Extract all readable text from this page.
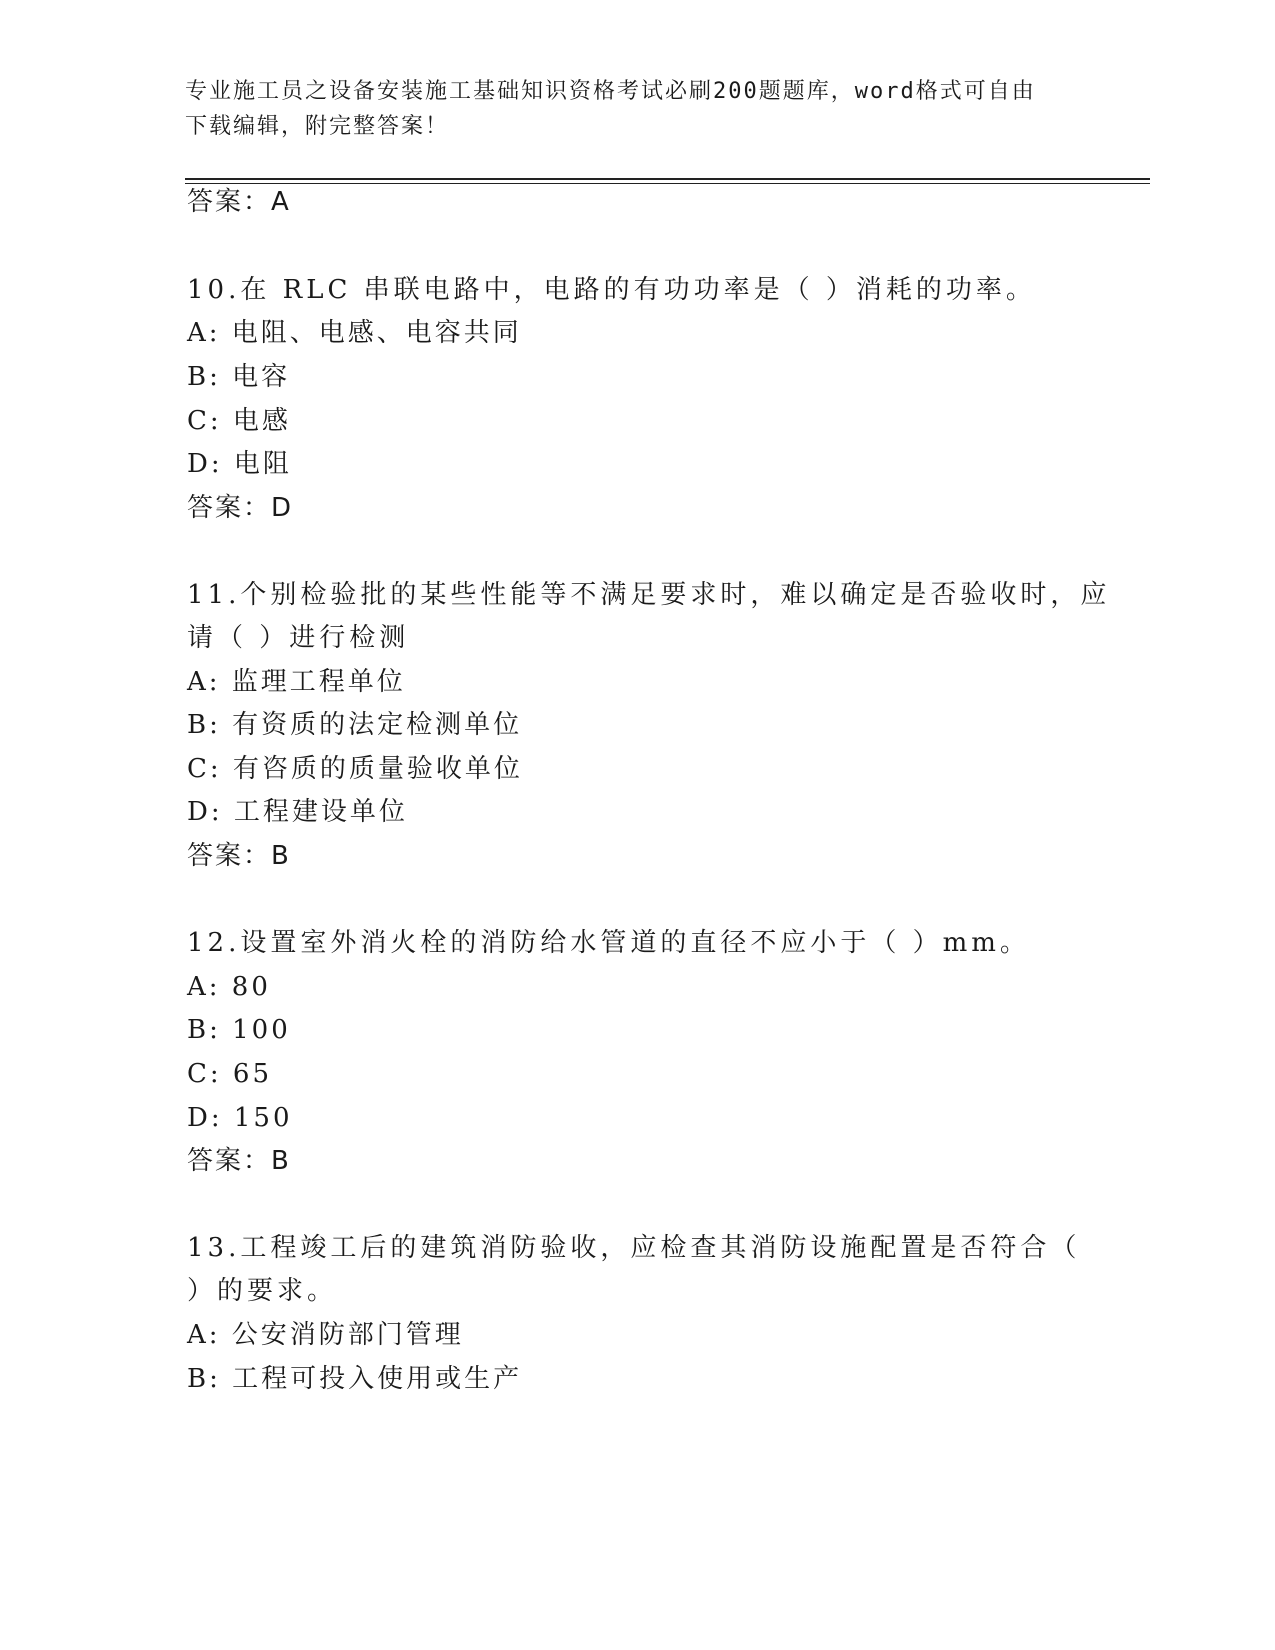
专业施工员之设备安装施工基础知识资格考试必刷200题题库，word格式可自由
下载编辑，附完整答案！

答案：A

10.在 RLC 串联电路中，电路的有功功率是（ ）消耗的功率。

A: 电阻、电感、电容共同

B: 电容

C: 电感

D: 电阻

答案：D

11.个别检验批的某些性能等不满足要求时，难以确定是否验收时，应

请（ ）进行检测

A: 监理工程单位

B: 有资质的法定检测单位

C: 有咨质的质量验收单位

D: 工程建设单位

答案：B

12.设置室外消火栓的消防给水管道的直径不应小于（ ）mm。

A: 80

B: 100

C: 65

D: 150

答案：B

13.工程竣工后的建筑消防验收，应检查其消防设施配置是否符合（

）的要求。

A: 公安消防部门管理

B: 工程可投入使用或生产
